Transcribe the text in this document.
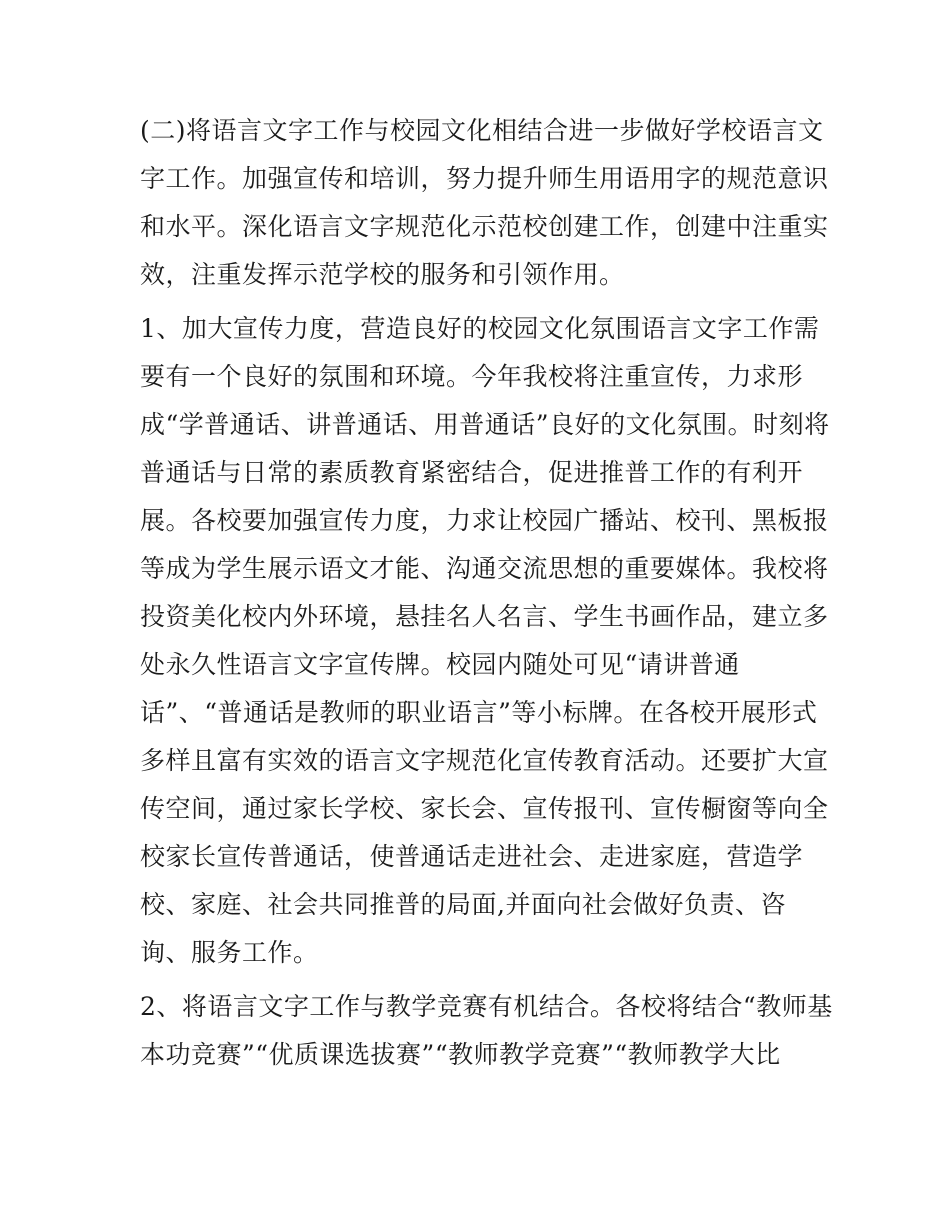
(二)将语言文字工作与校园文化相结合进一步做好学校语言文
字工作。加强宣传和培训，努力提升师生用语用字的规范意识
和水平。深化语言文字规范化示范校创建工作，创建中注重实
效，注重发挥示范学校的服务和引领作用。
1、加大宣传力度，营造良好的校园文化氛围语言文字工作需
要有一个良好的氛围和环境。今年我校将注重宣传，力求形
成“学普通话、讲普通话、用普通话”良好的文化氛围。时刻将
普通话与日常的素质教育紧密结合，促进推普工作的有利开
展。各校要加强宣传力度，力求让校园广播站、校刊、黑板报
等成为学生展示语文才能、沟通交流思想的重要媒体。我校将
投资美化校内外环境，悬挂名人名言、学生书画作品，建立多
处永久性语言文字宣传牌。校园内随处可见“请讲普通
话”、“普通话是教师的职业语言”等小标牌。在各校开展形式
多样且富有实效的语言文字规范化宣传教育活动。还要扩大宣
传空间，通过家长学校、家长会、宣传报刊、宣传橱窗等向全
校家长宣传普通话，使普通话走进社会、走进家庭，营造学
校、家庭、社会共同推普的局面,并面向社会做好负责、咨
询、服务工作。
2、将语言文字工作与教学竞赛有机结合。各校将结合“教师基
本功竞赛”“优质课选拔赛”“教师教学竞赛”“教师教学大比
